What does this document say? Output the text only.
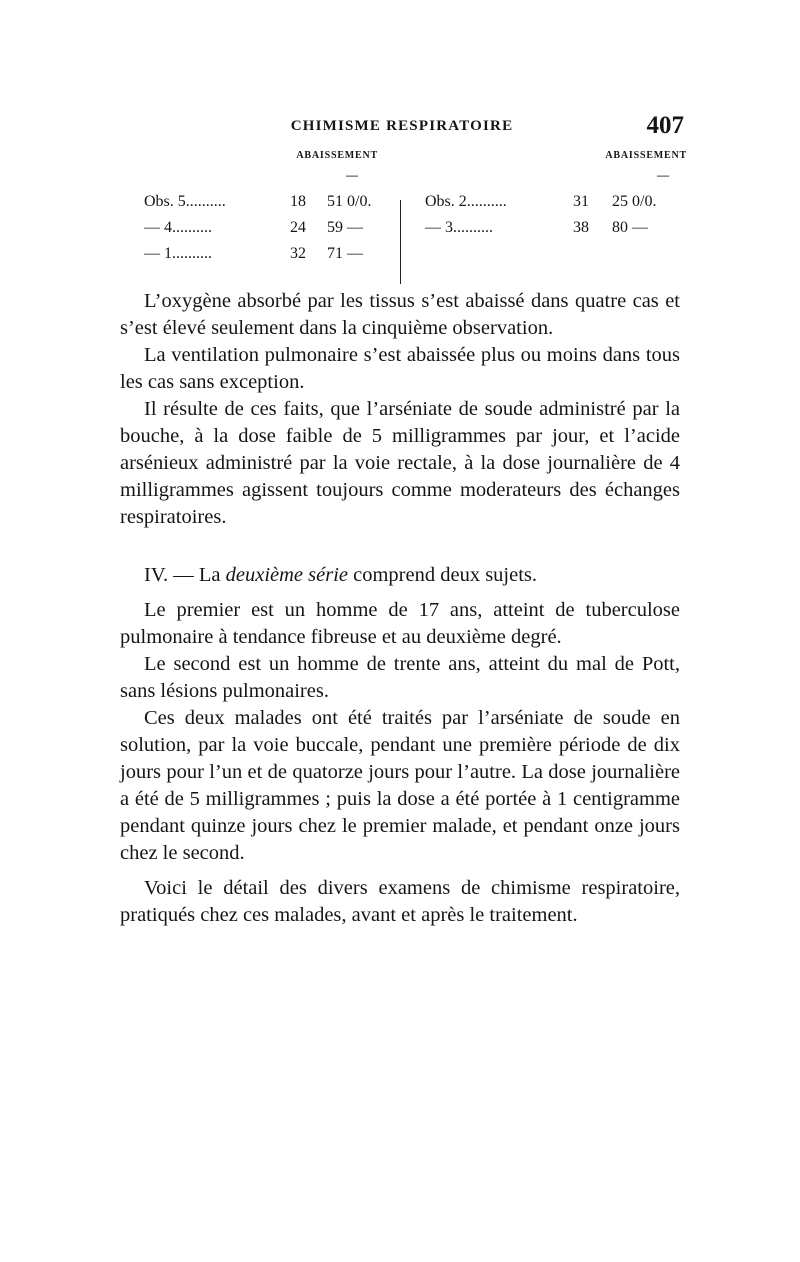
CHIMISME RESPIRATOIRE	407
ABAISSEMENT
—
Obs. 5..........	18 51 0/0.
— 4..........	24 59 —
— 1..........	32 71 —
ABAISSEMENT
—
Obs. 2..........	31 25 0/0.
— 3..........	38 80 —

L’oxygène absorbé par les tissus s’est abaissé dans quatre cas et s’est élevé seulement dans la cinquième observation.

La ventilation pulmonaire s’est abaissée plus ou moins dans tous les cas sans exception.

Il résulte de ces faits, que l’arséniate de soude administré par la bouche, à la dose faible de 5 milligrammes par jour, et l’acide arsénieux administré par la voie rectale, à la dose journalière de 4 milligrammes agissent toujours comme moderateurs des échanges respiratoires.

IV. — La deuxième série comprend deux sujets.

Le premier est un homme de 17 ans, atteint de tuberculose pulmonaire à tendance fibreuse et au deuxième degré.

Le second est un homme de trente ans, atteint du mal de Pott, sans lésions pulmonaires.

Ces deux malades ont été traités par l’arséniate de soude en solution, par la voie buccale, pendant une première période de dix jours pour l’un et de quatorze jours pour l’autre. La dose journalière a été de 5 milligrammes ; puis la dose a été portée à 1 centigramme pendant quinze jours chez le premier malade, et pendant onze jours chez le second.

Voici le détail des divers examens de chimisme respiratoire, pratiqués chez ces malades, avant et après le traitement.
